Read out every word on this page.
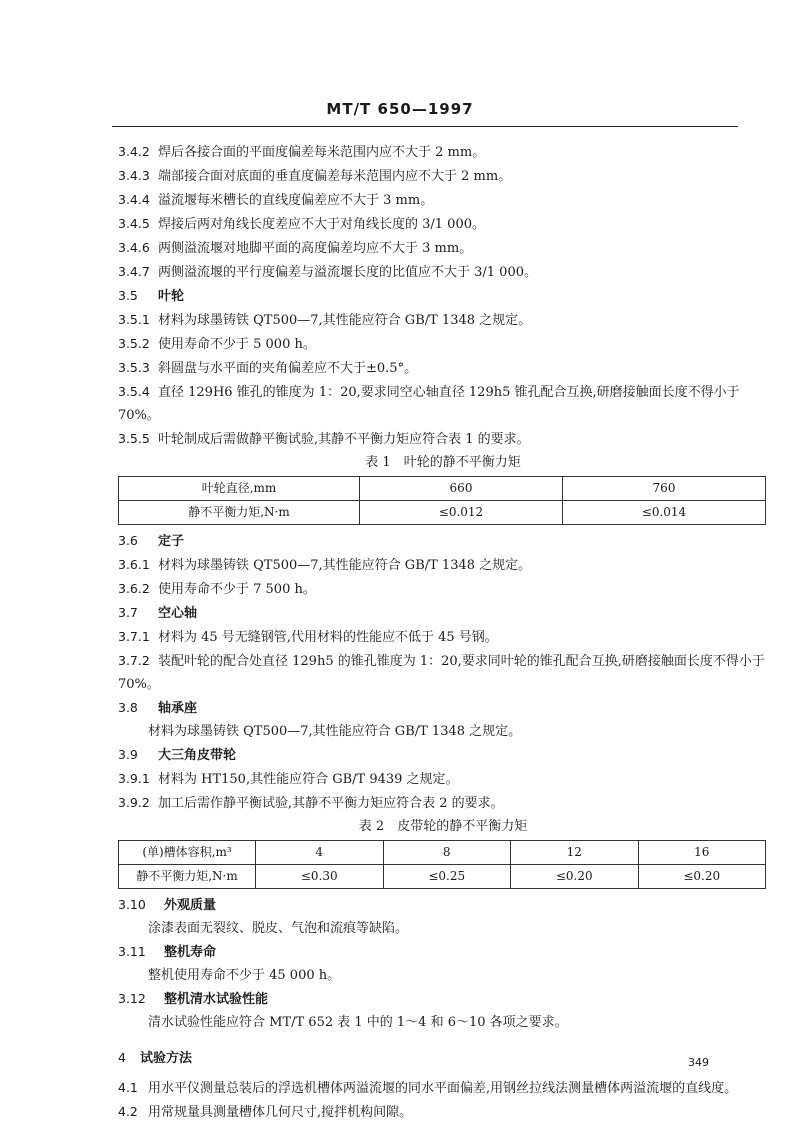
MT/T 650—1997
3.4.2 焊后各接合面的平面度偏差每米范围内应不大于 2 mm。
3.4.3 端部接合面对底面的垂直度偏差每米范围内应不大于 2 mm。
3.4.4 溢流堰每米槽长的直线度偏差应不大于 3 mm。
3.4.5 焊接后两对角线长度差应不大于对角线长度的 3/1 000。
3.4.6 两侧溢流堰对地脚平面的高度偏差均应不大于 3 mm。
3.4.7 两侧溢流堰的平行度偏差与溢流堰长度的比值应不大于 3/1 000。
3.5 叶轮
3.5.1 材料为球墨铸铁 QT500—7,其性能应符合 GB/T 1348 之规定。
3.5.2 使用寿命不少于 5 000 h。
3.5.3 斜圆盘与水平面的夹角偏差应不大于±0.5°。
3.5.4 直径 129H6 锥孔的锥度为 1：20,要求同空心轴直径 129h5 锥孔配合互换,研磨接触面长度不得小于 70%。
3.5.5 叶轮制成后需做静平衡试验,其静不平衡力矩应符合表 1 的要求。

表 1　叶轮的静不平衡力矩

叶轮直径,mm	660	760
静不平衡力矩,N·m	≤0.012	≤0.014
3.6 定子
3.6.1 材料为球墨铸铁 QT500—7,其性能应符合 GB/T 1348 之规定。
3.6.2 使用寿命不少于 7 500 h。
3.7 空心轴
3.7.1 材料为 45 号无缝钢管,代用材料的性能应不低于 45 号钢。
3.7.2 装配叶轮的配合处直径 129h5 的锥孔锥度为 1：20,要求同叶轮的锥孔配合互换,研磨接触面长度不得小于 70%。
3.8 轴承座
材料为球墨铸铁 QT500—7,其性能应符合 GB/T 1348 之规定。
3.9 大三角皮带轮
3.9.1 材料为 HT150,其性能应符合 GB/T 9439 之规定。
3.9.2 加工后需作静平衡试验,其静不平衡力矩应符合表 2 的要求。

表 2　皮带轮的静不平衡力矩

(单)槽体容积,m³	4	8	12	16
静不平衡力矩,N·m	≤0.30	≤0.25	≤0.20	≤0.20
3.10 外观质量
涂漆表面无裂纹、脱皮、气泡和流痕等缺陷。
3.11 整机寿命
整机使用寿命不少于 45 000 h。
3.12 整机清水试验性能
清水试验性能应符合 MT/T 652 表 1 中的 1～4 和 6～10 各项之要求。
4 试验方法
4.1 用水平仪测量总装后的浮选机槽体两溢流堰的同水平面偏差,用钢丝拉线法测量槽体两溢流堰的直线度。
4.2 用常规量具测量槽体几何尺寸,搅拌机构间隙。
349
